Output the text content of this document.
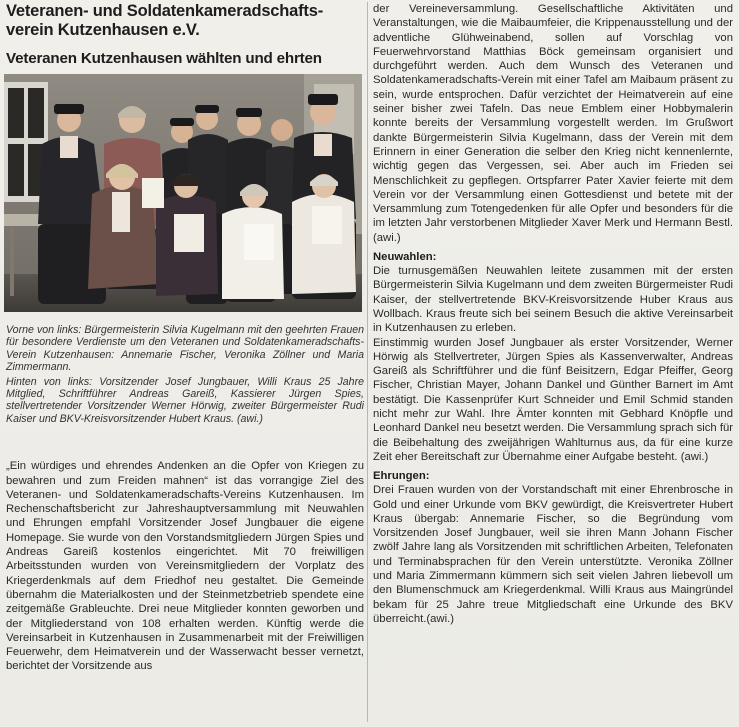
Veteranen- und Soldatenkameradschafts-verein Kutzenhausen e.V.
Veteranen Kutzenhausen wählten und ehrten

Vorne von links: Bürgermeisterin Silvia Kugelmann mit den geehrten Frauen für besondere Verdienste um den Veteranen und Soldatenkameradschafts-Verein Kutzenhausen: Annemarie Fischer, Veronika Zöllner und Maria Zimmermann.

Hinten von links: Vorsitzender Josef Jungbauer, Willi Kraus 25 Jahre Mitglied, Schriftführer Andreas Gareiß, Kassierer Jürgen Spies, stellvertretender Vorsitzender Werner Hörwig, zweiter Bürgermeister Rudi Kaiser und BKV-Kreisvorsitzender Hubert Kraus. (awi.)

„Ein würdiges und ehrendes Andenken an die Opfer von Kriegen zu bewahren und zum Freiden mahnen“ ist das vorrangige Ziel des Veteranen- und Soldatenkameradschafts-Vereins Kutzenhausen. Im Rechenschaftsbericht zur Jahreshauptversammlung mit Neuwahlen und Ehrungen empfahl Vorsitzender Josef Jungbauer die eigene Homepage. Sie wurde von den Vorstandsmitgliedern Jürgen Spies und Andreas Gareiß kostenlos eingerichtet. Mit 70 freiwilligen Arbeitsstunden wurden von Vereinsmitgliedern der Vorplatz des Kriegerdenkmals auf dem Friedhof neu gestaltet. Die Gemeinde übernahm die Materialkosten und der Steinmetzbetrieb spendete eine zeitgemäße Grableuchte. Drei neue Mitglieder konnten geworben und der Mitgliederstand von 108 erhalten werden. Künftig werde die Vereinsarbeit in Kutzenhausen in Zusammenarbeit mit der Freiwilligen Feuerwehr, dem Heimatverein und der Wasserwacht besser vernetzt, berichtet der Vorsitzende aus

der Vereineversammlung. Gesellschaftliche Aktivitäten und Veranstaltungen, wie die Maibaumfeier, die Krippenausstellung und der adventliche Glühweinabend, sollen auf Vorschlag von Feuerwehrvorstand Matthias Böck gemeinsam organisiert und durchgeführt werden. Auch dem Wunsch des Veteranen und Soldatenkameradschafts-Verein mit einer Tafel am Maibaum präsent zu sein, wurde entsprochen. Dafür verzichtet der Heimatverein auf eine seiner bisher zwei Tafeln. Das neue Emblem einer Hobbymalerin konnte bereits der Versammlung vorgestellt werden. Im Grußwort dankte Bürgermeisterin Silvia Kugelmann, dass der Verein mit dem Erinnern in einer Generation die selber den Krieg nicht kennenlernte, wichtig gegen das Vergessen, sei. Aber auch im Frieden sei Menschlichkeit zu gepflegen. Ortspfarrer Pater Xavier feierte mit dem Verein vor der Versammlung einen Gottesdienst und betete mit der Versammlung zum Totengedenken für alle Opfer und besonders für die im letzten Jahr verstorbenen Mitglieder Xaver Merk und Hermann Bestl. (awi.)

Neuwahlen:

Die turnusgemäßen Neuwahlen leitete zusammen mit der ersten Bürgermeisterin Silvia Kugelmann und dem zweiten Bürgermeister Rudi Kaiser, der stellvertretende BKV-Kreisvorsitzende Huber Kraus aus Wollbach. Kraus freute sich bei seinem Besuch die aktive Vereinsarbeit in Kutzenhausen zu erleben.

Einstimmig wurden Josef Jungbauer als erster Vorsitzender, Werner Hörwig als Stellvertreter, Jürgen Spies als Kassenverwalter, Andreas Gareiß als Schriftführer und die fünf Beisitzern, Edgar Pfeiffer, Georg Fischer, Christian Mayer, Johann Dankel und Günther Barnert im Amt bestätigt. Die Kassenprüfer Kurt Schneider und Emil Schmid standen nicht mehr zur Wahl. Ihre Ämter konnten mit Gebhard Knöpfle und Leonhard Dankel neu besetzt werden. Die Versammlung sprach sich für die Beibehaltung des zweijährigen Wahlturnus aus, da für eine kurze Zeit eher Bereitschaft zur Übernahme einer Aufgabe besteht. (awi.)

Ehrungen:

Drei Frauen wurden von der Vorstandschaft mit einer Ehrenbrosche in Gold und einer Urkunde vom BKV gewürdigt, die Kreisvertreter Hubert Kraus übergab: Annemarie Fischer, so die Begründung vom Vorsitzenden Josef Jungbauer, weil sie ihren Mann Johann Fischer zwölf Jahre lang als Vorsitzenden mit schriftlichen Arbeiten, Telefonaten und Terminabsprachen für den Verein unterstützte. Veronika Zöllner und Maria Zimmermann kümmern sich seit vielen Jahren liebevoll um den Blumenschmuck am Kriegerdenkmal. Willi Kraus aus Maingründel bekam für 25 Jahre treue Mitgliedschaft eine Urkunde des BKV überreicht.(awi.)
